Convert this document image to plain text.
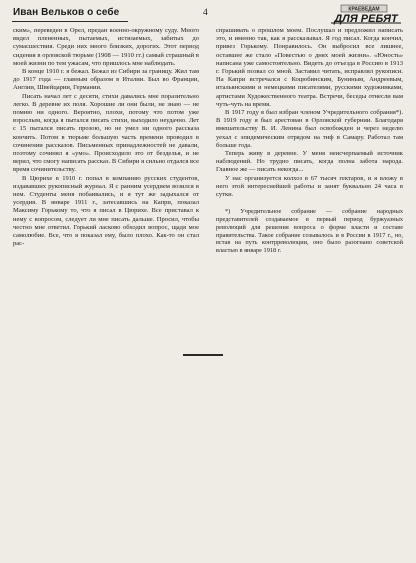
Иван Вельков о себе	4	КРАЕВЕДАМ
ДЛЯ РЕБЯТ

ским», переведен в Орел, предан военно-окружному суду. Много видел плененных, пытаемых, истязаемых, забитых до сумасшествия. Среди них много близких, дорогих. Этот период сидения в орловской тюрьме (1908 — 1910 гг.) самый страшный в моей жизни по тем ужасам, что пришлось мне наблюдать.

В конце 1910 г. я бежал. Бежал из Сибири за границу. Жил там до 1917 года — главным образом в Италии. Был во Франции, Англии, Швейцарии, Германии.

Писать начал лет с десяти, стихи давались мне поразительно легко. В деревне их поля. Хорошие ли они были, не знаю — не помню ни одного. Вероятно, плохи, потому что потом уже взрослым, когда я пытался писать стихи, выходило неудачно. Лет с 15 пытался писать прозою, но не умел ни одного рассказа кончить. Потом в тюрьме большую часть времени проводил в сочинении рассказов. Письменных принадлежностей не давали, поэтому сочинял я «умо». Происходило это от безделья, и не верил, что смогу написать рассказ. В Сибири я сильно отдался все время сочинительству.

В Цюрихе в 1910 г. попал в компанию русских студентов, издававших рукописный журнал. Я с ранним усердием возился в нем. Студенты меня побаивались, и я тут же задыхался от усердия. В январе 1911 г., затесавшись на Капри, показал Максиму Горькому то, что я писал в Цюрихе. Все приставал к нему с вопросом, следует ли мне писать дальше. Просил, чтобы честно мне ответил. Горький ласково обходил вопрос, щадя мое самолюбие. Все, что я показал ему, было плохо. Как-то он стал рас-

спрашивать о прошлом моем. Послушал и предложил написать это, и именно так, как я рассказывал. Я год писал. Когда кончил, привез Горькому. Понравилось. Он выбросил все лишнее, оставшее же стало «Повестью о днях моей жизни». «Юность» написана уже самостоятельно. Видеть до отъезда в Россию в 1913 г. Горький позвал со мной. Заставил читать, исправлял рукописи. На Капри встречался с Коцюбинским, Буниным, Андреевым, итальянскими и немецкими писателями, русскими художниками, артистами Художественного театра. Встречи, беседы отнесли вам чуть-чуть на время.

В 1917 году я был избран членом Учредительного собрания*). В 1919 году я был арестован в Орловской губернии. Благодаря вмешательству В. И. Ленина был освобожден и через неделю уехал с эпидемическим отрядом на тиф в Самару. Работал там больше года.

Теперь живу в деревне. У меня неисчерпаемый источник наблюдений. Но трудно писать, когда полна забота народа. Главное же — писать некогда...

У нас организуется колхоз в 67 тысяч гектаров, и я вложу в него этой интереснейшей работы и занят буквально 24 часа в сутки.

*) Учредительное собрание — собрание народных представителей создаваемое в первый период буржуазных революций для решения вопроса о форме власти и составе правительства. Такое собрание созывалось и в России в 1917 г., но, встав на путь контрреволюции, оно было разогнано советской властью в январе 1918 г.
